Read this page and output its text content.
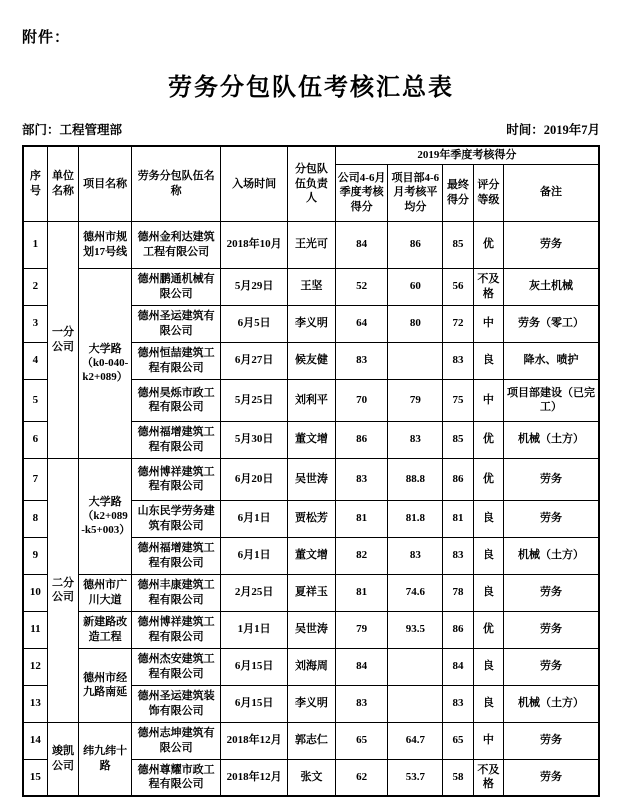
附件：
劳务分包队伍考核汇总表
部门：工程管理部	时间：2019年7月
序号	单位名称	项目名称	劳务分包队伍名称	入场时间	分包队伍负责人	2019年季度考核得分				
						公司4-6月季度考核得分	项目部4-6月考核平均分	最终得分	评分等级	备注
1	一分公司	德州市规划17号线	德州金利达建筑工程有限公司	2018年10月	王光可	84	86	85	优	劳务
2		大学路（k0-040-k2+089）	德州鹏通机械有限公司	5月29日	王坚	52	60	56	不及格	灰土机械
3			德州圣运建筑有限公司	6月5日	李义明	64	80	72	中	劳务（零工）
4			德州恒喆建筑工程有限公司	6月27日	候友健	83		83	良	降水、喷护
5			德州昊烁市政工程有限公司	5月25日	刘利平	70	79	75	中	项目部建设（已完工）
6			德州福增建筑工程有限公司	5月30日	董文增	86	83	85	优	机械（土方）
7	二分公司	大学路（k2+089-k5+003）	德州博祥建筑工程有限公司	6月20日	吴世涛	83	88.8	86	优	劳务
8			山东民学劳务建筑有限公司	6月1日	贾松芳	81	81.8	81	良	劳务
9			德州福增建筑工程有限公司	6月1日	董文增	82	83	83	良	机械（土方）
10		德州市广川大道	德州丰康建筑工程有限公司	2月25日	夏祥玉	81	74.6	78	良	劳务
11		新建路改造工程	德州博祥建筑工程有限公司	1月1日	吴世涛	79	93.5	86	优	劳务
12		德州市经九路南延	德州杰安建筑工程有限公司	6月15日	刘海周	84		84	良	劳务
13			德州圣运建筑装饰有限公司	6月15日	李义明	83		83	良	机械（土方）
14	竣凯公司	纬九纬十路	德州志坤建筑有限公司	2018年12月	郭志仁	65	64.7	65	中	劳务
15			德州尊耀市政工程有限公司	2018年12月	张文	62	53.7	58	不及格	劳务
